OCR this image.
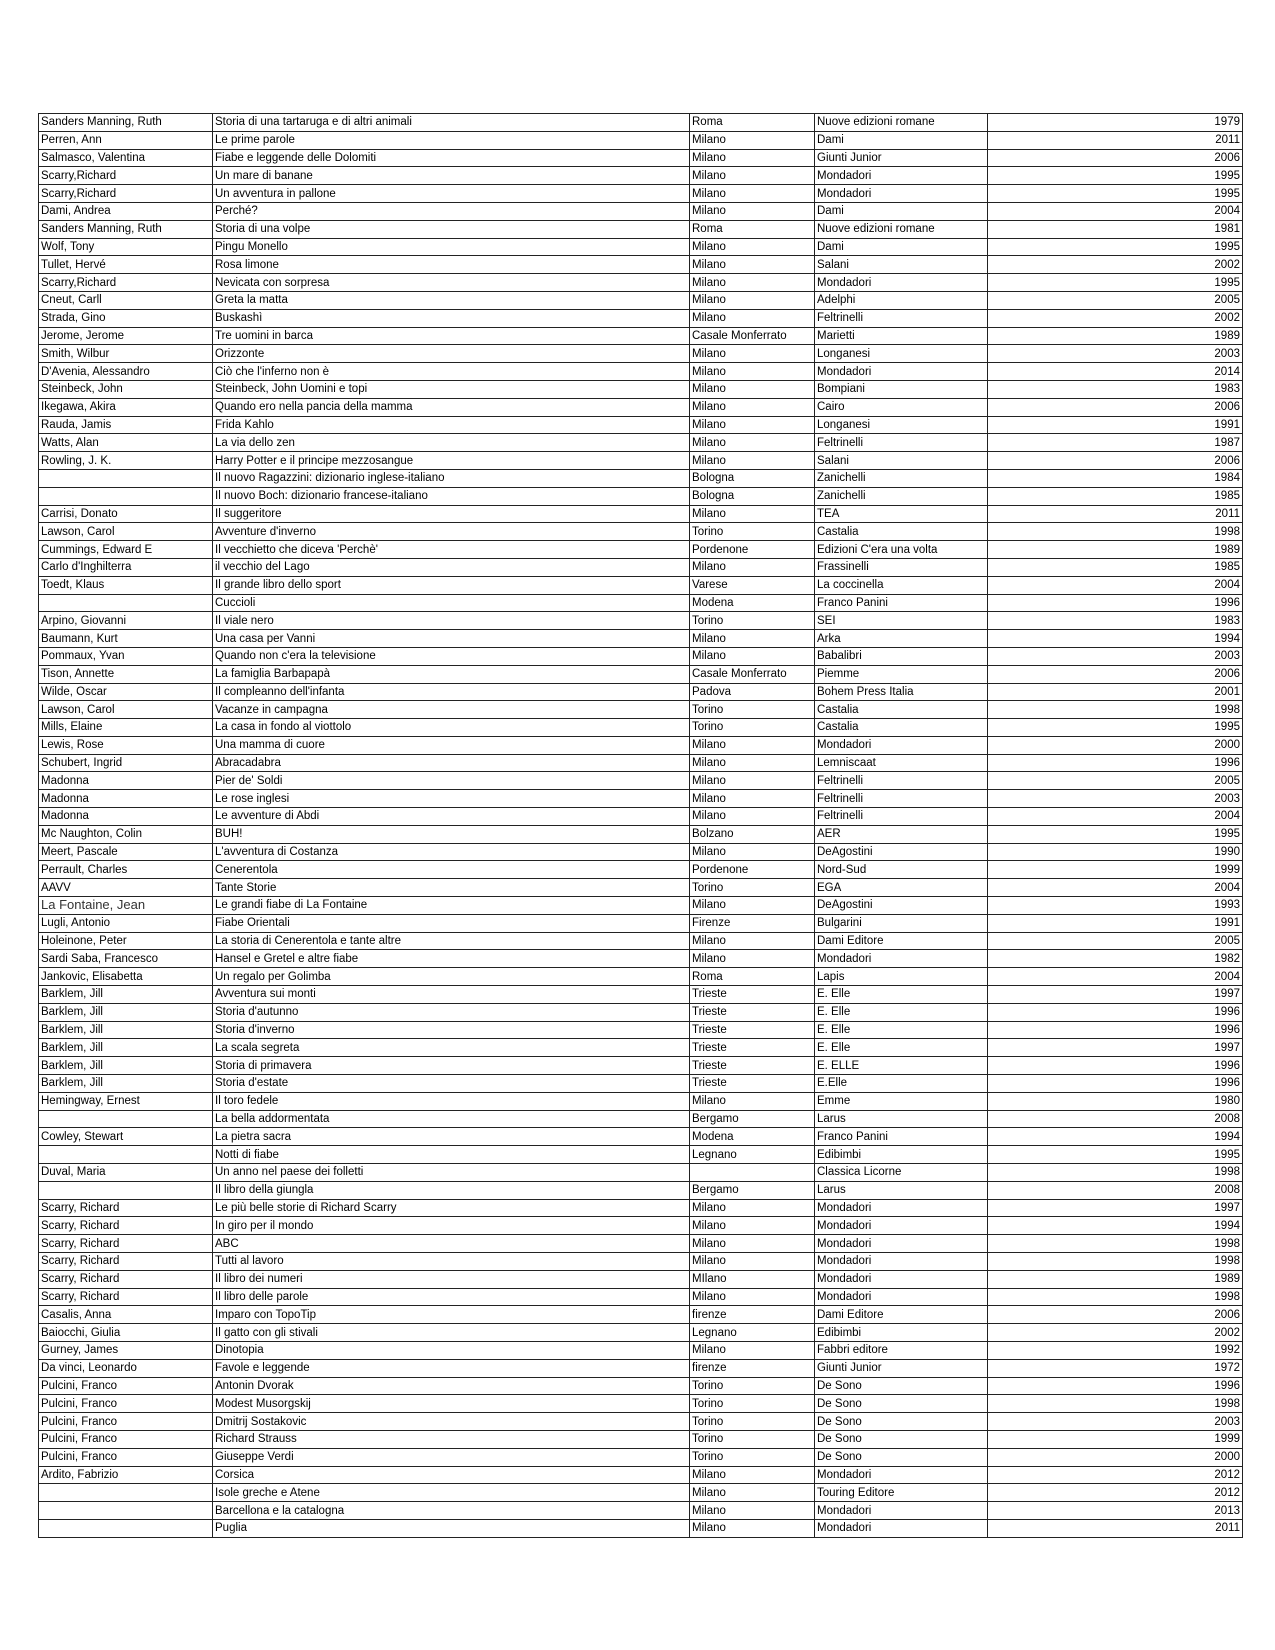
Sanders Manning, Ruth	Storia di una tartaruga e di altri animali	Roma	Nuove edizioni romane	1979
Perren, Ann	Le prime parole	Milano	Dami	2011
Salmasco, Valentina	Fiabe e leggende delle Dolomiti	Milano	Giunti Junior	2006
Scarry,Richard	Un mare di banane	Milano	Mondadori	1995
Scarry,Richard	Un avventura in pallone	Milano	Mondadori	1995
Dami, Andrea	Perché?	Milano	Dami	2004
Sanders Manning, Ruth	Storia di una volpe	Roma	Nuove edizioni romane	1981
Wolf, Tony	Pingu Monello	Milano	Dami	1995
Tullet, Hervé	Rosa limone	Milano	Salani	2002
Scarry,Richard	Nevicata con sorpresa	Milano	Mondadori	1995
Cneut, Carll	Greta la matta	Milano	Adelphi	2005
Strada, Gino	Buskashì	Milano	Feltrinelli	2002
Jerome, Jerome	Tre uomini in barca	Casale Monferrato	Marietti	1989
Smith, Wilbur	Orizzonte	Milano	Longanesi	2003
D'Avenia, Alessandro	Ciò che l'inferno non è	Milano	Mondadori	2014
Steinbeck, John	Steinbeck, John Uomini e topi	Milano	Bompiani	1983
Ikegawa, Akira	Quando ero nella pancia della mamma	Milano	Cairo	2006
Rauda, Jamis	Frida Kahlo	Milano	Longanesi	1991
Watts, Alan	La via dello zen	Milano	Feltrinelli	1987
Rowling, J. K.	Harry Potter e il principe mezzosangue	Milano	Salani	2006
	Il nuovo Ragazzini: dizionario inglese-italiano	Bologna	Zanichelli	1984
	Il nuovo Boch: dizionario francese-italiano	Bologna	Zanichelli	1985
Carrisi, Donato	Il suggeritore	Milano	TEA	2011
Lawson, Carol	Avventure d'inverno	Torino	Castalia	1998
Cummings, Edward E	Il vecchietto che diceva 'Perchè'	Pordenone	Edizioni C'era una volta	1989
Carlo d'Inghilterra	il vecchio del Lago	Milano	Frassinelli	1985
Toedt, Klaus	Il grande libro dello sport	Varese	La coccinella	2004
	Cuccioli	Modena	Franco Panini	1996
Arpino, Giovanni	Il viale nero	Torino	SEI	1983
Baumann, Kurt	Una casa per Vanni	Milano	Arka	1994
Pommaux, Yvan	Quando non c'era la televisione	Milano	Babalibri	2003
Tison, Annette	La famiglia Barbapapà	Casale Monferrato	Piemme	2006
Wilde, Oscar	Il compleanno dell'infanta	Padova	Bohem Press Italia	2001
Lawson, Carol	Vacanze in campagna	Torino	Castalia	1998
Mills, Elaine	La casa in fondo al viottolo	Torino	Castalia	1995
Lewis, Rose	Una mamma di cuore	Milano	Mondadori	2000
Schubert, Ingrid	Abracadabra	Milano	Lemniscaat	1996
Madonna	Pier de' Soldi	Milano	Feltrinelli	2005
Madonna	Le rose inglesi	Milano	Feltrinelli	2003
Madonna	Le avventure di Abdi	Milano	Feltrinelli	2004
Mc Naughton, Colin	BUH!	Bolzano	AER	1995
Meert, Pascale	L'avventura di Costanza	Milano	DeAgostini	1990
Perrault, Charles	Cenerentola	Pordenone	Nord-Sud	1999
AAVV	Tante Storie	Torino	EGA	2004
La Fontaine, Jean	Le grandi fiabe di La Fontaine	Milano	DeAgostini	1993
Lugli, Antonio	Fiabe Orientali	Firenze	Bulgarini	1991
Holeinone, Peter	La storia di Cenerentola e tante altre	Milano	Dami Editore	2005
Sardi Saba, Francesco	Hansel e Gretel e altre fiabe	Milano	Mondadori	1982
Jankovic, Elisabetta	Un regalo per Golimba	Roma	Lapis	2004
Barklem, Jill	Avventura sui monti	Trieste	E. Elle	1997
Barklem, Jill	Storia d'autunno	Trieste	E. Elle	1996
Barklem, Jill	Storia d'inverno	Trieste	E. Elle	1996
Barklem, Jill	La scala segreta	Trieste	E. Elle	1997
Barklem, Jill	Storia di primavera	Trieste	E. ELLE	1996
Barklem, Jill	Storia d'estate	Trieste	E.Elle	1996
Hemingway, Ernest	Il toro fedele	Milano	Emme	1980
	La bella addormentata	Bergamo	Larus	2008
Cowley, Stewart	La pietra sacra	Modena	Franco Panini	1994
	Notti di fiabe	Legnano	Edibimbi	1995
Duval, Maria	Un anno nel paese dei folletti		Classica Licorne	1998
	Il libro della giungla	Bergamo	Larus	2008
Scarry, Richard	Le più belle storie di Richard Scarry	Milano	Mondadori	1997
Scarry, Richard	In giro per il mondo	Milano	Mondadori	1994
Scarry, Richard	ABC	Milano	Mondadori	1998
Scarry, Richard	Tutti al lavoro	Milano	Mondadori	1998
Scarry, Richard	Il libro dei numeri	MIlano	Mondadori	1989
Scarry, Richard	Il libro delle parole	Milano	Mondadori	1998
Casalis, Anna	Imparo con TopoTip	firenze	Dami Editore	2006
Baiocchi, Giulia	Il gatto con gli stivali	Legnano	Edibimbi	2002
Gurney, James	Dinotopia	Milano	Fabbri editore	1992
Da vinci, Leonardo	Favole e leggende	firenze	Giunti Junior	1972
Pulcini, Franco	Antonin Dvorak	Torino	De Sono	1996
Pulcini, Franco	Modest Musorgskij	Torino	De Sono	1998
Pulcini, Franco	Dmitrij Sostakovic	Torino	De Sono	2003
Pulcini, Franco	Richard Strauss	Torino	De Sono	1999
Pulcini, Franco	Giuseppe Verdi	Torino	De Sono	2000
Ardito, Fabrizio	Corsica	Milano	Mondadori	2012
	Isole greche e Atene	Milano	Touring Editore	2012
	Barcellona e la catalogna	Milano	Mondadori	2013
	Puglia	Milano	Mondadori	2011
